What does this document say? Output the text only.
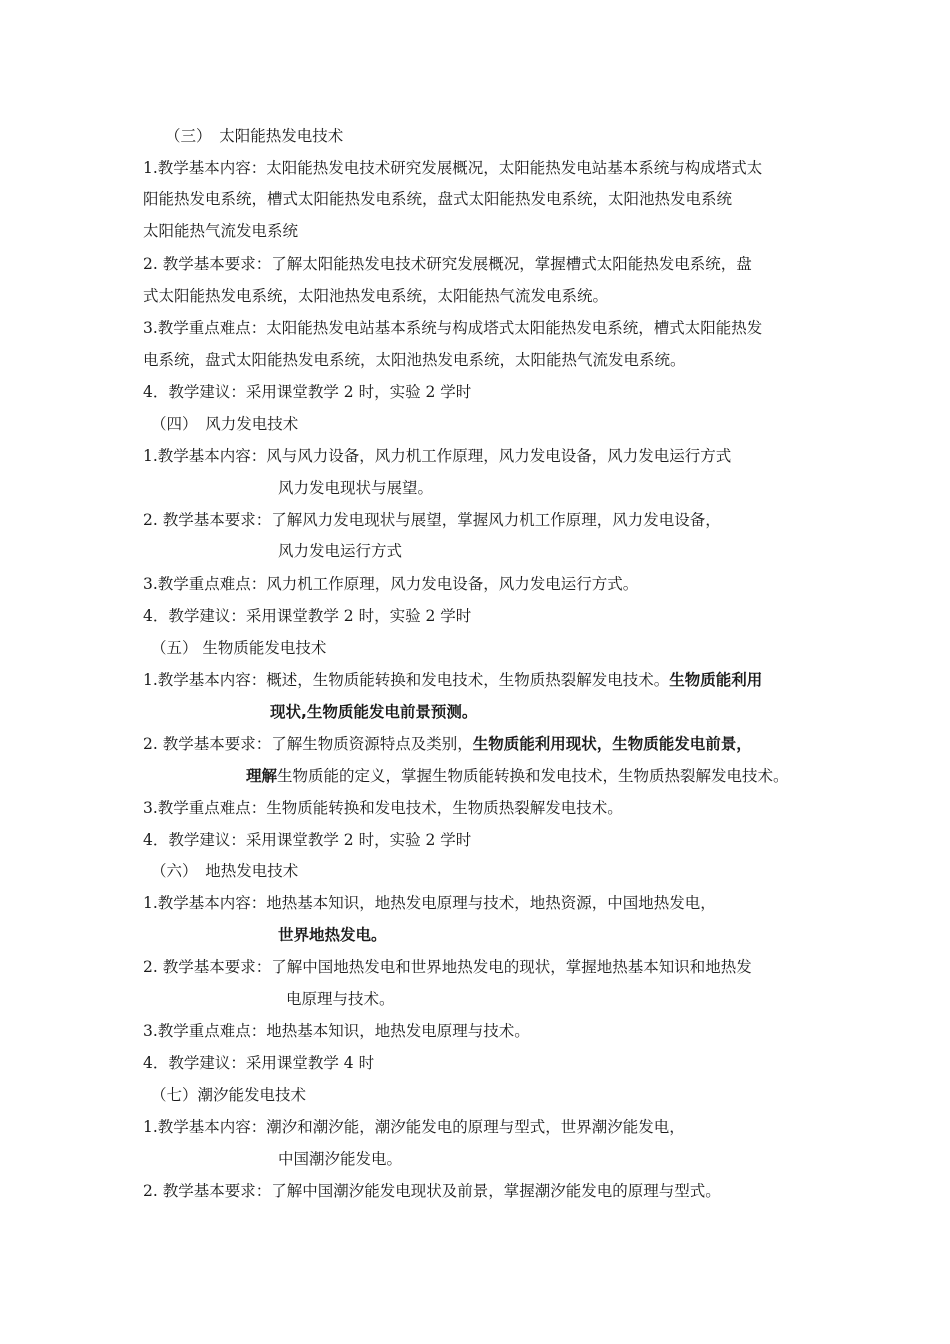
（三）　太阳能热发电技术
1.教学基本内容：太阳能热发电技术研究发展概况，太阳能热发电站基本系统与构成塔式太
阳能热发电系统，槽式太阳能热发电系统，盘式太阳能热发电系统，太阳池热发电系统
太阳能热气流发电系统
2. 教学基本要求：了解太阳能热发电技术研究发展概况，掌握槽式太阳能热发电系统，盘
式太阳能热发电系统，太阳池热发电系统，太阳能热气流发电系统。
3.教学重点难点：太阳能热发电站基本系统与构成塔式太阳能热发电系统，槽式太阳能热发
电系统，盘式太阳能热发电系统，太阳池热发电系统，太阳能热气流发电系统。
4．教学建议：采用课堂教学 2 时，实验 2 学时
（四）　风力发电技术
1.教学基本内容：风与风力设备，风力机工作原理，风力发电设备，风力发电运行方式
风力发电现状与展望。
2. 教学基本要求：了解风力发电现状与展望，掌握风力机工作原理，风力发电设备，
风力发电运行方式
3.教学重点难点：风力机工作原理，风力发电设备，风力发电运行方式。
4．教学建议：采用课堂教学 2 时，实验 2 学时
（五） 生物质能发电技术
1.教学基本内容：概述，生物质能转换和发电技术，生物质热裂解发电技术。生物质能利用
现状,生物质能发电前景预测。
2. 教学基本要求：了解生物质资源特点及类别，生物质能利用现状，生物质能发电前景，
理解生物质能的定义，掌握生物质能转换和发电技术，生物质热裂解发电技术。
3.教学重点难点：生物质能转换和发电技术，生物质热裂解发电技术。
4．教学建议：采用课堂教学 2 时，实验 2 学时
（六）　地热发电技术
1.教学基本内容：地热基本知识，地热发电原理与技术，地热资源，中国地热发电，
世界地热发电。
2. 教学基本要求：了解中国地热发电和世界地热发电的现状，掌握地热基本知识和地热发
电原理与技术。
3.教学重点难点：地热基本知识，地热发电原理与技术。
4．教学建议：采用课堂教学 4 时
（七）潮汐能发电技术
1.教学基本内容：潮汐和潮汐能，潮汐能发电的原理与型式，世界潮汐能发电，
中国潮汐能发电。
2. 教学基本要求：了解中国潮汐能发电现状及前景，掌握潮汐能发电的原理与型式。
